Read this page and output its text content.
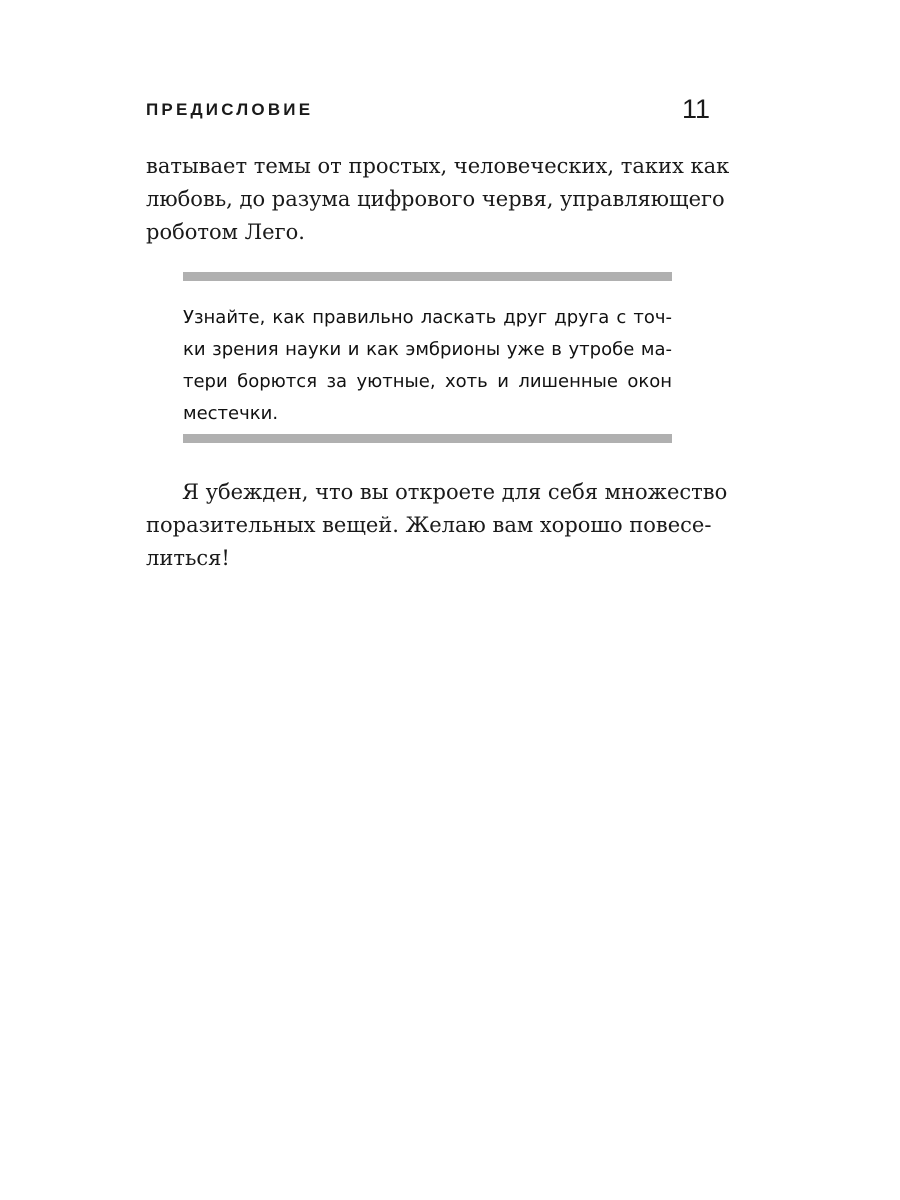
ПРЕДИСЛОВИЕ	11

ватывает темы от простых, человеческих, таких как
любовь, до разума цифрового червя, управляющего
роботом Лего.

Узнайте, как правильно ласкать друг друга с точ-
ки зрения науки и как эмбрионы уже в утробе ма-
тери борются за уютные, хоть и лишенные окон
местечки.

Я убежден, что вы откроете для себя множество
поразительных вещей. Желаю вам хорошо повесе-
литься!
